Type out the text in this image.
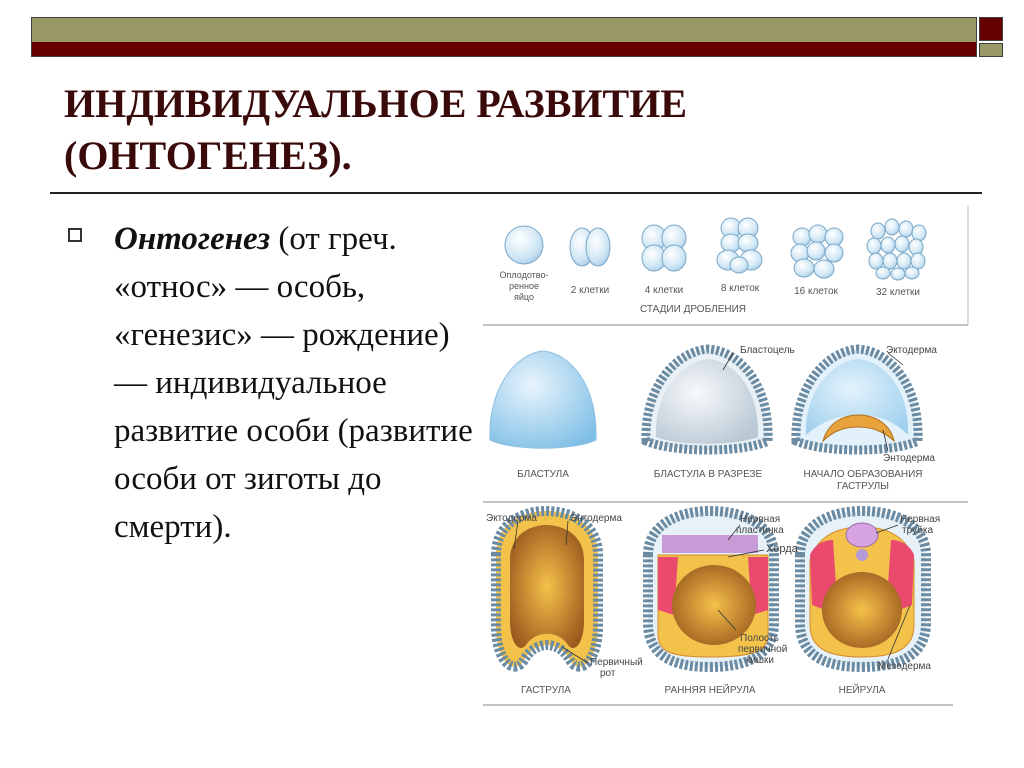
ИНДИВИДУАЛЬНОЕ РАЗВИТИЕ
(ОНТОГЕНЕЗ).

Онтогенез (от греч. «относ» — особь, «генезис» — рождение) — индивидуальное развитие особи (развитие особи от зиготы до смерти).

Оплодотво-
ренное
яйцо
2 клетки	4 клетки	8 клеток	16 клеток	32 клетки
СТАДИИ ДРОБЛЕНИЯ
Бластоцель	Эктодерма
Энтодерма
БЛАСТУЛА	БЛАСТУЛА В РАЗРЕЗЕ	НАЧАЛО ОБРАЗОВАНИЯ
ГАСТРУЛЫ
Эктодерма	Энтодерма
Первичный
рот
Нервная
пластинка
Хорда
Полость
первичной
кишки
Нервная
трубка
Мезодерма
ГАСТРУЛА	РАННЯЯ НЕЙРУЛА	НЕЙРУЛА
